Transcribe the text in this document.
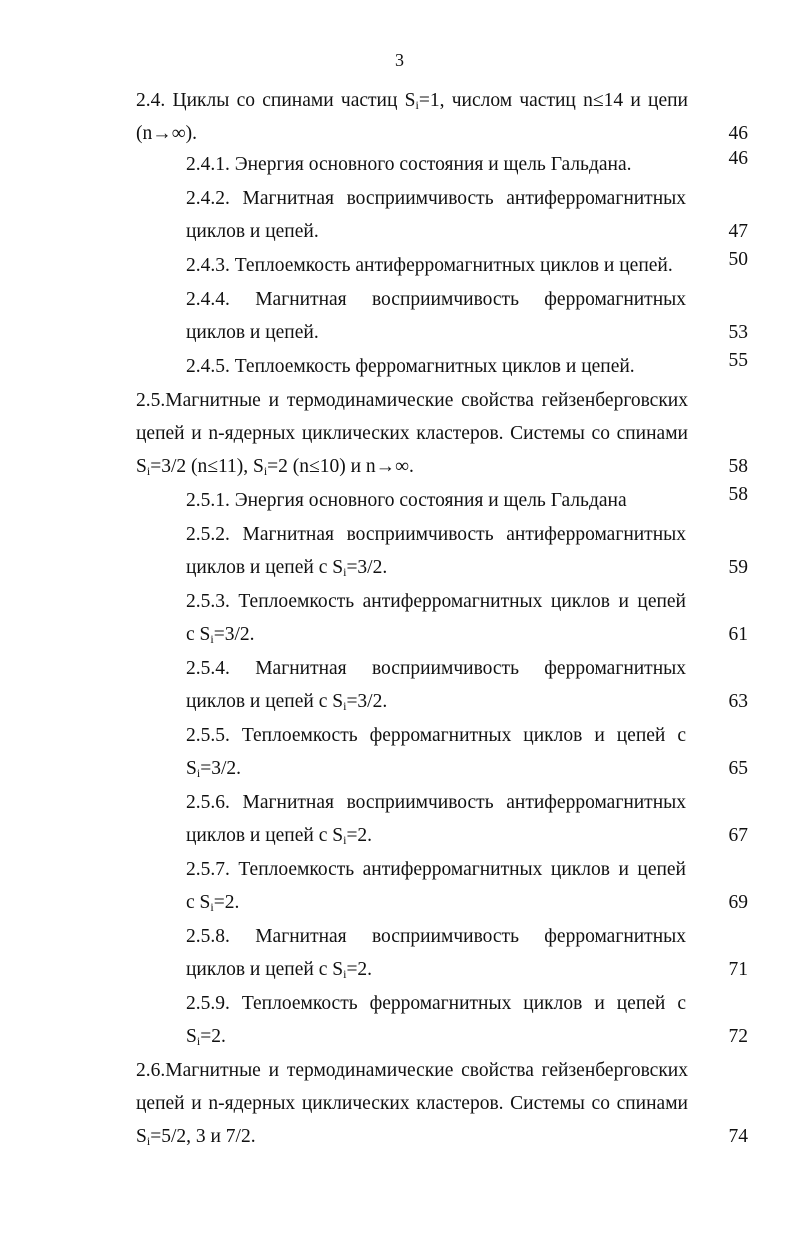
3
2.4. Циклы со спинами частиц $S_i=1$, числом частиц n≤14 и цепи
(n→∞).	46
2.4.1. Энергия основного состояния и щель Гальдана.	46
2.4.2. Магнитная восприимчивость антиферромагнитных
циклов и цепей.	47
2.4.3. Теплоемкость антиферромагнитных циклов и цепей.	50
2.4.4. Магнитная восприимчивость ферромагнитных
циклов и цепей.	53
2.4.5. Теплоемкость ферромагнитных циклов и цепей.	55
2.5.Магнитные и термодинамические свойства гейзенберговских
цепей и n-ядерных циклических кластеров. Системы со спинами
$S_i=3/2$ (n≤11), $S_i=2$ (n≤10) и n→∞.	58
2.5.1. Энергия основного состояния и щель Гальдана	58
2.5.2. Магнитная восприимчивость антиферромагнитных
циклов и цепей с $S_i=3/2$.	59
2.5.3. Теплоемкость антиферромагнитных циклов и цепей
с $S_i=3/2$.	61
2.5.4. Магнитная восприимчивость ферромагнитных
циклов и цепей с $S_i=3/2$.	63
2.5.5. Теплоемкость ферромагнитных циклов и цепей с
$S_i=3/2$.	65
2.5.6. Магнитная восприимчивость антиферромагнитных
циклов и цепей с $S_i=2$.	67
2.5.7. Теплоемкость антиферромагнитных циклов и цепей
с $S_i=2$.	69
2.5.8. Магнитная восприимчивость ферромагнитных
циклов и цепей с $S_i=2$.	71
2.5.9. Теплоемкость ферромагнитных циклов и цепей с
$S_i=2$.	72
2.6.Магнитные и термодинамические свойства гейзенберговских
цепей и n-ядерных циклических кластеров. Системы со спинами
$S_i=5/2$, 3 и 7/2.	74
